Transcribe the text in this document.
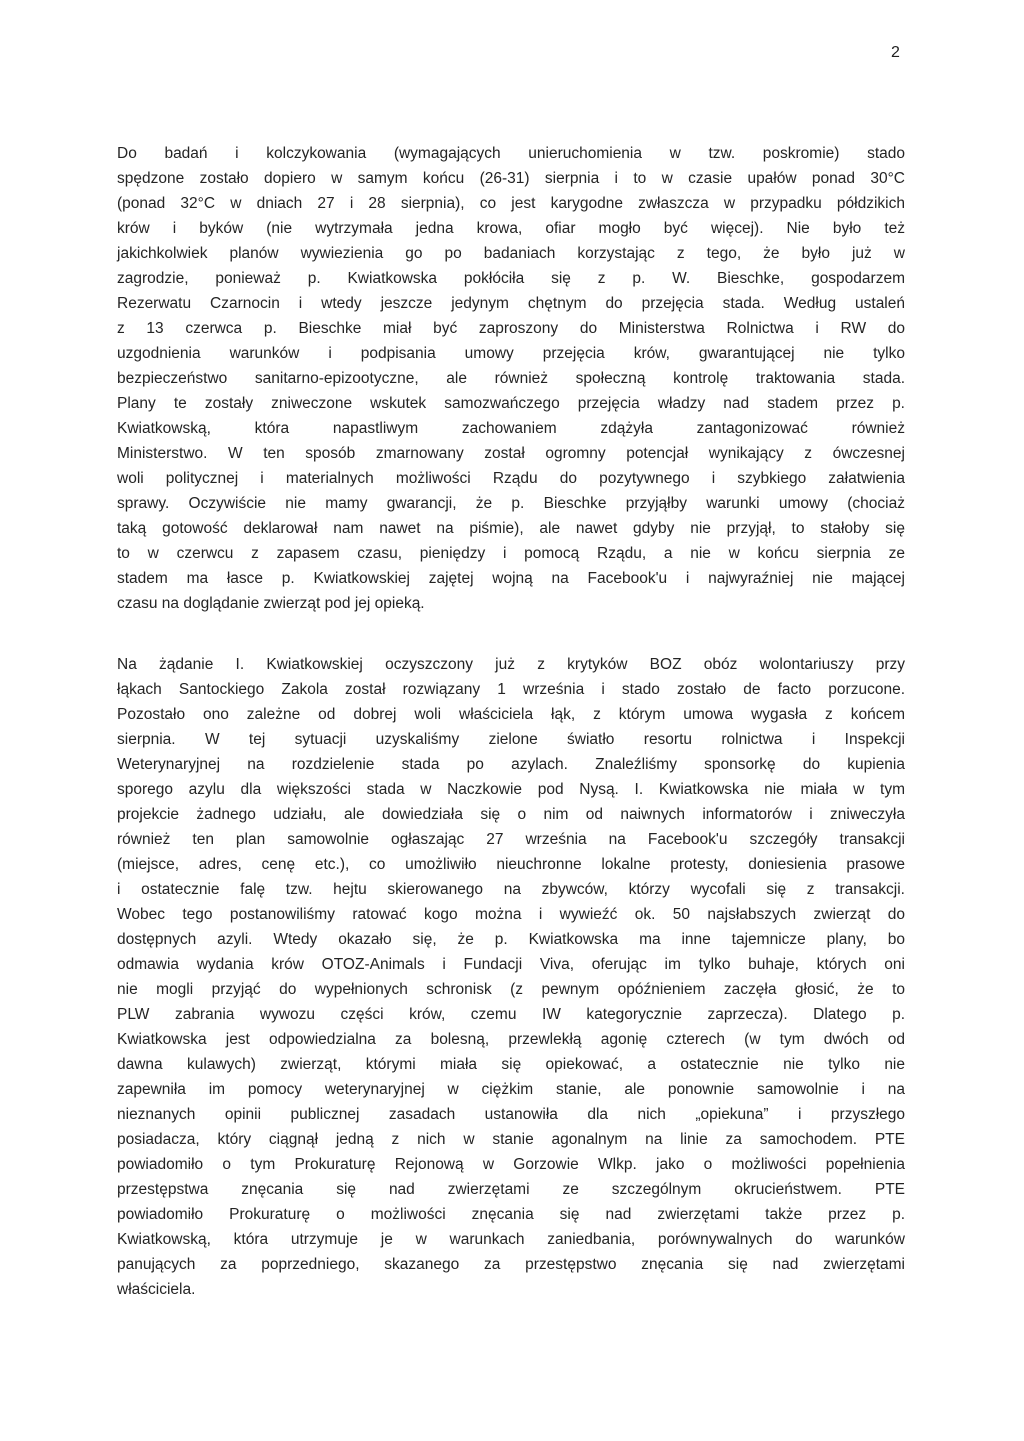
2
Do badań i kolczykowania (wymagających unieruchomienia w tzw. poskromie) stado
spędzone zostało dopiero w samym końcu (26-31) sierpnia i to w czasie upałów ponad 30°C
(ponad 32°C w dniach 27 i 28 sierpnia), co jest karygodne zwłaszcza w przypadku półdzikich
krów i byków (nie wytrzymała jedna krowa, ofiar mogło być więcej). Nie było też
jakichkolwiek planów wywiezienia go po badaniach korzystając z tego, że było już w
zagrodzie, ponieważ p. Kwiatkowska pokłóciła się z p. W. Bieschke, gospodarzem
Rezerwatu Czarnocin i wtedy jeszcze jedynym chętnym do przejęcia stada. Według ustaleń
z 13 czerwca p. Bieschke miał być zaproszony do Ministerstwa Rolnictwa i RW do
uzgodnienia warunków i podpisania umowy przejęcia krów, gwarantującej nie tylko
bezpieczeństwo sanitarno-epizootyczne, ale również społeczną kontrolę traktowania stada.
Plany te zostały zniweczone wskutek samozwańczego przejęcia władzy nad stadem przez p.
Kwiatkowską, która napastliwym zachowaniem zdążyła zantagonizować również
Ministerstwo. W ten sposób zmarnowany został ogromny potencjał wynikający z ówczesnej
woli politycznej i materialnych możliwości Rządu do pozytywnego i szybkiego załatwienia
sprawy. Oczywiście nie mamy gwarancji, że p. Bieschke przyjąłby warunki umowy (chociaż
taką gotowość deklarował nam nawet na piśmie), ale nawet gdyby nie przyjął, to stałoby się
to w czerwcu z zapasem czasu, pieniędzy i pomocą Rządu, a nie w końcu sierpnia ze
stadem ma łasce p. Kwiatkowskiej zajętej wojną na Facebook'u i najwyraźniej nie mającej
czasu na doglądanie zwierząt pod jej opieką.
Na żądanie I. Kwiatkowskiej oczyszczony już z krytyków BOZ obóz wolontariuszy przy
łąkach Santockiego Zakola został rozwiązany 1 września i stado zostało de facto porzucone.
Pozostało ono zależne od dobrej woli właściciela łąk, z którym umowa wygasła z końcem
sierpnia. W tej sytuacji uzyskaliśmy zielone światło resortu rolnictwa i Inspekcji
Weterynaryjnej na rozdzielenie stada po azylach. Znaleźliśmy sponsorkę do kupienia
sporego azylu dla większości stada w Naczkowie pod Nysą. I. Kwiatkowska nie miała w tym
projekcie żadnego udziału, ale dowiedziała się o nim od naiwnych informatorów i zniweczyła
również ten plan samowolnie ogłaszając 27 września na Facebook'u szczegóły transakcji
(miejsce, adres, cenę etc.), co umożliwiło nieuchronne lokalne protesty, doniesienia prasowe
i ostatecznie falę tzw. hejtu skierowanego na zbywców, którzy wycofali się z transakcji.
Wobec tego postanowiliśmy ratować kogo można i wywieźć ok. 50 najsłabszych zwierząt do
dostępnych azyli. Wtedy okazało się, że p. Kwiatkowska ma inne tajemnicze plany, bo
odmawia wydania krów OTOZ-Animals i Fundacji Viva, oferując im tylko buhaje, których oni
nie mogli przyjąć do wypełnionych schronisk (z pewnym opóźnieniem zaczęła głosić, że to
PLW zabrania wywozu części krów, czemu IW kategorycznie zaprzecza). Dlatego p.
Kwiatkowska jest odpowiedzialna za bolesną, przewlekłą agonię czterech (w tym dwóch od
dawna kulawych) zwierząt, którymi miała się opiekować, a ostatecznie nie tylko nie
zapewniła im pomocy weterynaryjnej w ciężkim stanie, ale ponownie samowolnie i na
nieznanych opinii publicznej zasadach ustanowiła dla nich „opiekuna” i przyszłego
posiadacza, który ciągnął jedną z nich w stanie agonalnym na linie za samochodem. PTE
powiadomiło o tym Prokuraturę Rejonową w Gorzowie Wlkp. jako o możliwości popełnienia
przestępstwa znęcania się nad zwierzętami ze szczególnym okrucieństwem. PTE
powiadomiło Prokuraturę o możliwości znęcania się nad zwierzętami także przez p.
Kwiatkowską, która utrzymuje je w warunkach zaniedbania, porównywalnych do warunków
panujących za poprzedniego, skazanego za przestępstwo znęcania się nad zwierzętami
właściciela.
